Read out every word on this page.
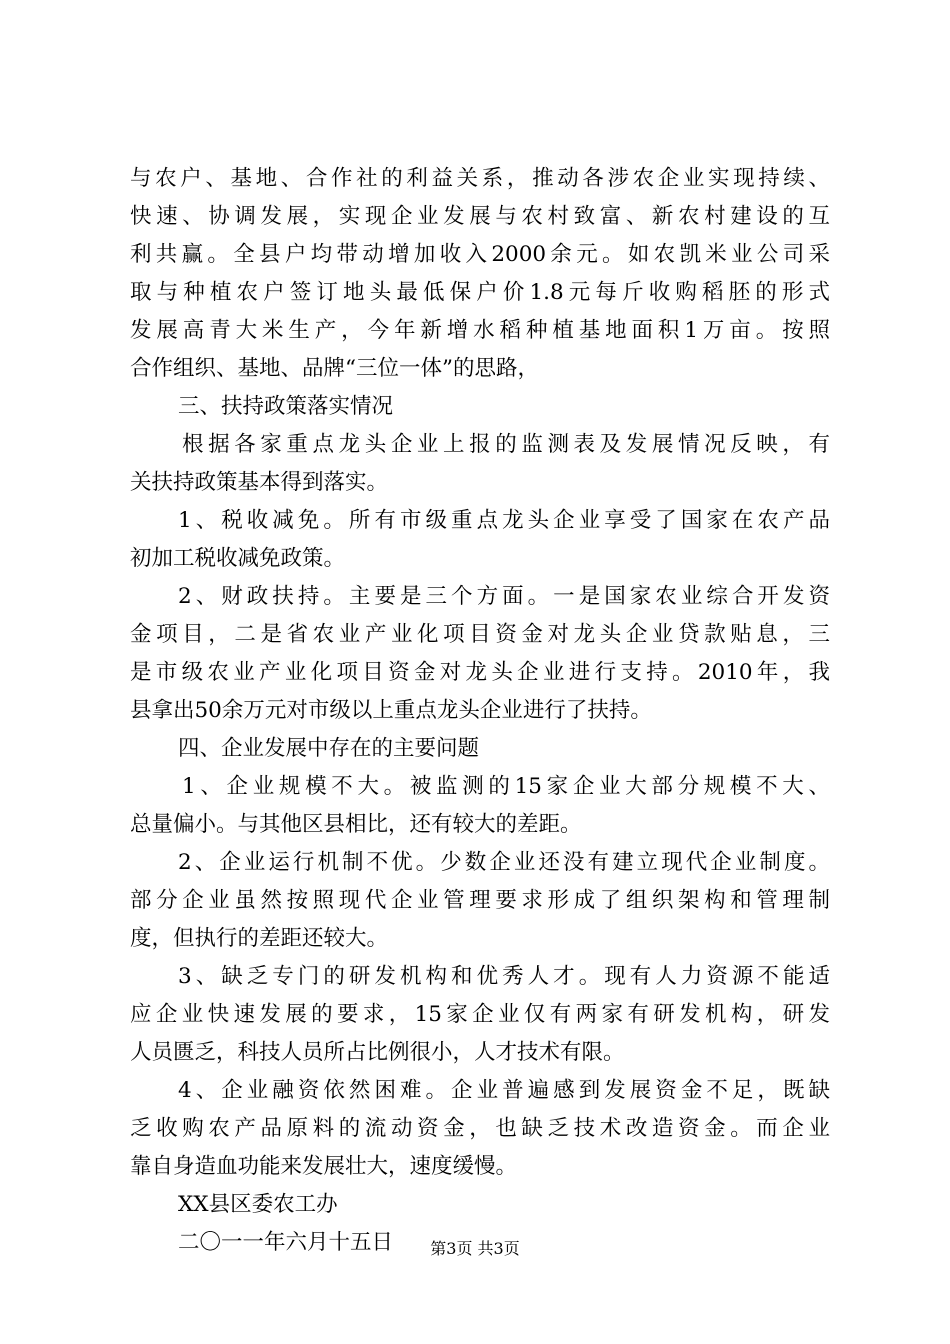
与农户、基地、合作社的利益关系，推动各涉农企业实现持续、
快速、协调发展，实现企业发展与农村致富、新农村建设的互
利共赢。全县户均带动增加收入2000余元。如农凯米业公司采
取与种植农户签订地头最低保户价1.8元每斤收购稻胚的形式
发展高青大米生产，今年新增水稻种植基地面积1万亩。按照
合作组织、基地、品牌“三位一体”的思路，
三、扶持政策落实情况
根据各家重点龙头企业上报的监测表及发展情况反映，有
关扶持政策基本得到落实。
1、税收减免。所有市级重点龙头企业享受了国家在农产品
初加工税收减免政策。
2、财政扶持。主要是三个方面。一是国家农业综合开发资
金项目，二是省农业产业化项目资金对龙头企业贷款贴息，三
是市级农业产业化项目资金对龙头企业进行支持。2010年，我
县拿出50余万元对市级以上重点龙头企业进行了扶持。
四、企业发展中存在的主要问题
1、企业规模不大。被监测的15家企业大部分规模不大、
总量偏小。与其他区县相比，还有较大的差距。
2、企业运行机制不优。少数企业还没有建立现代企业制度。
部分企业虽然按照现代企业管理要求形成了组织架构和管理制
度，但执行的差距还较大。
3、缺乏专门的研发机构和优秀人才。现有人力资源不能适
应企业快速发展的要求，15家企业仅有两家有研发机构，研发
人员匮乏，科技人员所占比例很小，人才技术有限。
4、企业融资依然困难。企业普遍感到发展资金不足，既缺
乏收购农产品原料的流动资金，也缺乏技术改造资金。而企业
靠自身造血功能来发展壮大，速度缓慢。
XX县区委农工办
二〇一一年六月十五日	第3页 共3页
